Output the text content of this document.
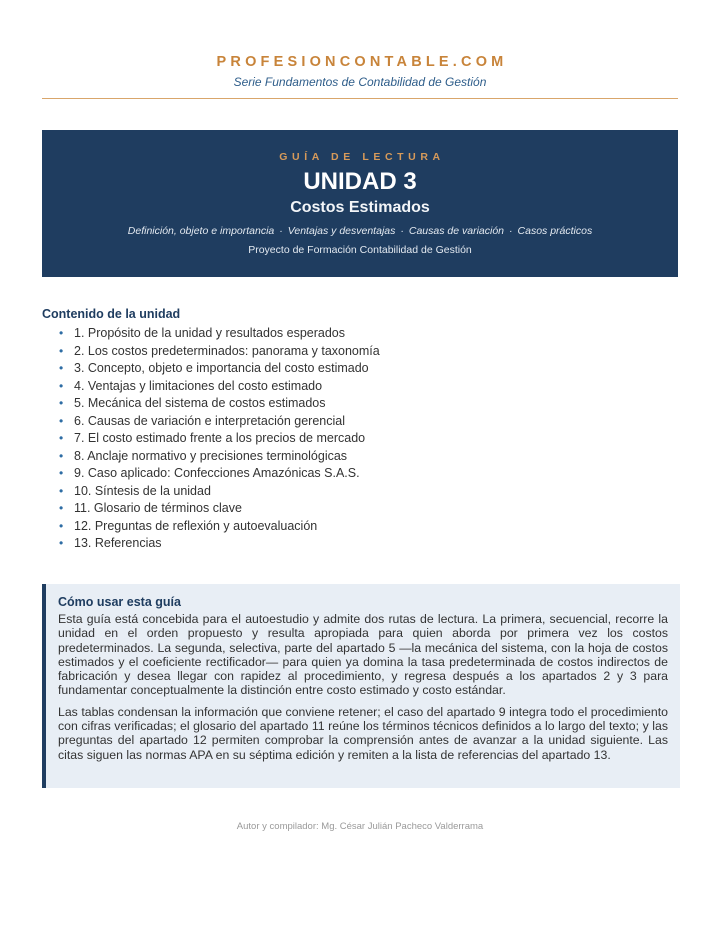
PROFESIONCONTABLE.COM
Serie Fundamentos de Contabilidad de Gestión
GUÍA DE LECTURA
UNIDAD 3
Costos Estimados
Definición, objeto e importancia · Ventajas y desventajas · Causas de variación · Casos prácticos
Proyecto de Formación Contabilidad de Gestión
Contenido de la unidad
• 1. Propósito de la unidad y resultados esperados
• 2. Los costos predeterminados: panorama y taxonomía
• 3. Concepto, objeto e importancia del costo estimado
• 4. Ventajas y limitaciones del costo estimado
• 5. Mecánica del sistema de costos estimados
• 6. Causas de variación e interpretación gerencial
• 7. El costo estimado frente a los precios de mercado
• 8. Anclaje normativo y precisiones terminológicas
• 9. Caso aplicado: Confecciones Amazónicas S.A.S.
• 10. Síntesis de la unidad
• 11. Glosario de términos clave
• 12. Preguntas de reflexión y autoevaluación
• 13. Referencias
Cómo usar esta guía

Esta guía está concebida para el autoestudio y admite dos rutas de lectura. La primera, secuencial, recorre la unidad en el orden propuesto y resulta apropiada para quien aborda por primera vez los costos predeterminados. La segunda, selectiva, parte del apartado 5 —la mecánica del sistema, con la hoja de costos estimados y el coeficiente rectificador— para quien ya domina la tasa predeterminada de costos indirectos de fabricación y desea llegar con rapidez al procedimiento, y regresa después a los apartados 2 y 3 para fundamentar conceptualmente la distinción entre costo estimado y costo estándar.

Las tablas condensan la información que conviene retener; el caso del apartado 9 integra todo el procedimiento con cifras verificadas; el glosario del apartado 11 reúne los términos técnicos definidos a lo largo del texto; y las preguntas del apartado 12 permiten comprobar la comprensión antes de avanzar a la unidad siguiente. Las citas siguen las normas APA en su séptima edición y remiten a la lista de referencias del apartado 13.

Autor y compilador: Mg. César Julián Pacheco Valderrama
